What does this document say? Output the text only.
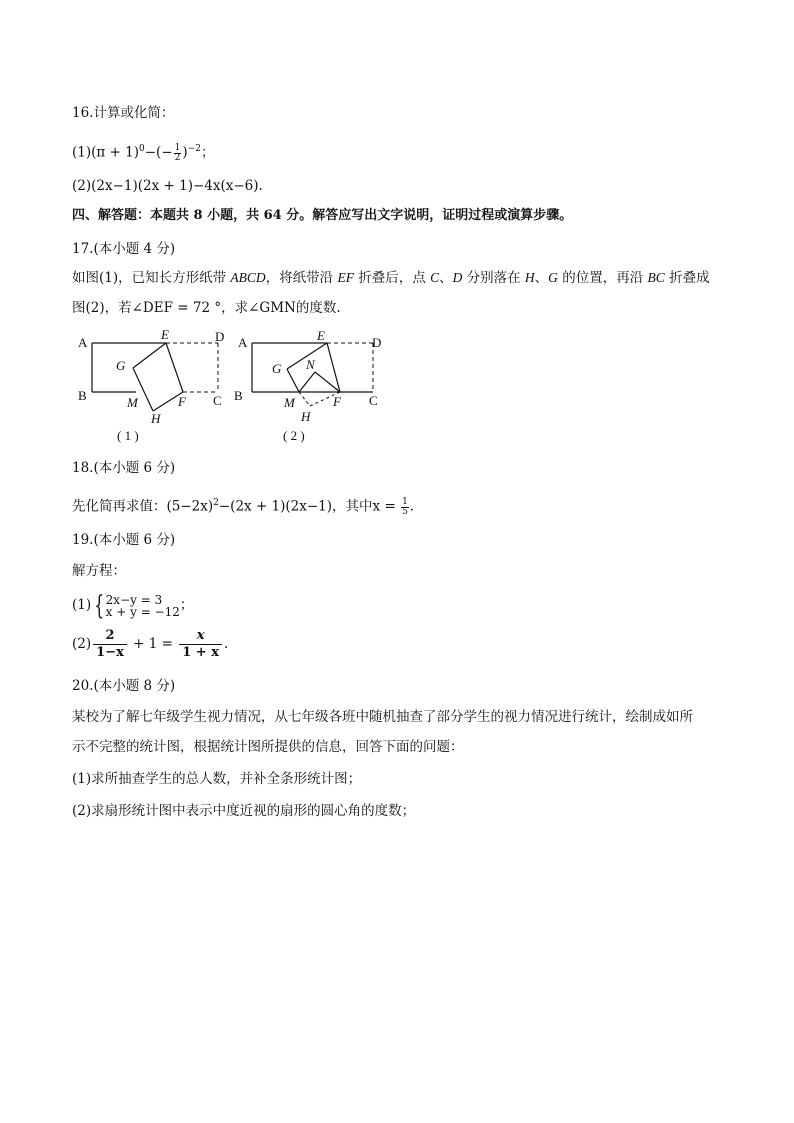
16.计算或化简：
$(1)(\pi + 1)^0-(- \frac{1}{2} )^{-2}$；
(2)(2x−1)(2x + 1)−4x(x−6).
四、解答题：本题共 8 小题，共 64 分。解答应写出文字说明，证明过程或演算步骤。
17.(本小题 4 分)
如图(1)，已知长方形纸带 ABCD，将纸带沿 EF 折叠后，点 C、D 分别落在 H、G 的位置，再沿 BC 折叠成
图(2)，若∠DEF = 72 °，求∠GMN的度数.
A
B	C
D
E
F
G
H
M
( 1 )
A
B	C
D
E
F
G
H
M
N
( 2 )
18.(本小题 6 分)
先化简再求值：$(5-2x)^2-(2x + 1)(2x-1)$，其中$x = \frac{1}{5}$ .
19.(本小题 6 分)
解方程：
(1) { 2x−y = 3
x + y = −12 ；
$(2) \frac{2}{1-x} + 1 = \frac{x}{1 + x}$ .
20.(本小题 8 分)
某校为了解七年级学生视力情况，从七年级各班中随机抽查了部分学生的视力情况进行统计，绘制成如所
示不完整的统计图，根据统计图所提供的信息，回答下面的问题：
(1)求所抽查学生的总人数，并补全条形统计图；
(2)求扇形统计图中表示中度近视的扇形的圆心角的度数；
